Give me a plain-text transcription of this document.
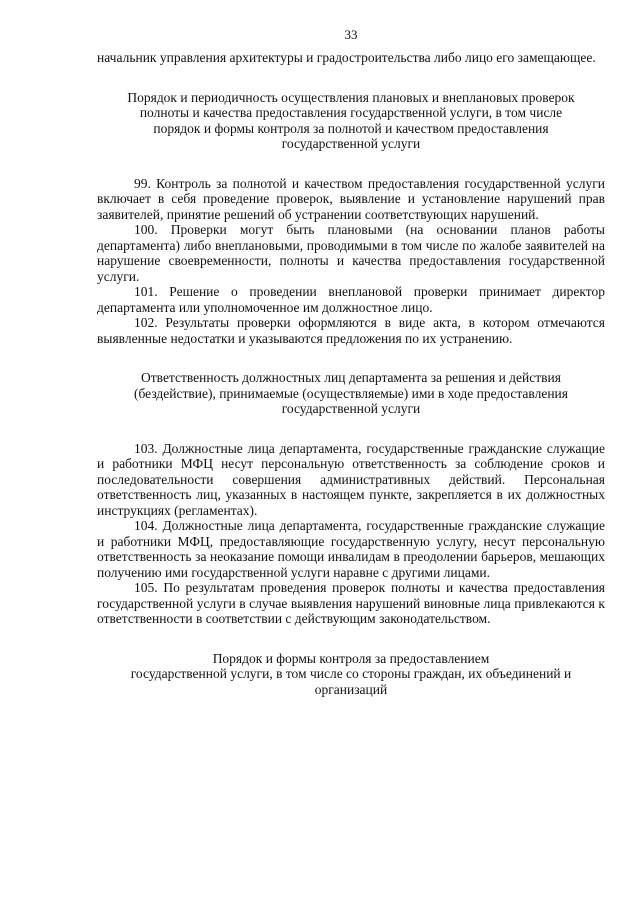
33

начальник управления архитектуры и градостроительства либо лицо его замещающее.

Порядок и периодичность осуществления плановых и внеплановых проверок
полноты и качества предоставления государственной услуги, в том числе
порядок и формы контроля за полнотой и качеством предоставления
государственной услуги

99. Контроль за полнотой и качеством предоставления государственной услуги включает в себя проведение проверок, выявление и установление нарушений прав заявителей, принятие решений об устранении соответствующих нарушений.

100. Проверки могут быть плановыми (на основании планов работы департамента) либо внеплановыми, проводимыми в том числе по жалобе заявителей на нарушение своевременности, полноты и качества предоставления государственной услуги.

101. Решение о проведении внеплановой проверки принимает директор департамента или уполномоченное им должностное лицо.

102. Результаты проверки оформляются в виде акта, в котором отмечаются выявленные недостатки и указываются предложения по их устранению.

Ответственность должностных лиц департамента за решения и действия
(бездействие), принимаемые (осуществляемые) ими в ходе предоставления
государственной услуги

103. Должностные лица департамента, государственные гражданские служащие и работники МФЦ несут персональную ответственность за соблюдение сроков и последовательности совершения административных действий. Персональная ответственность лиц, указанных в настоящем пункте, закрепляется в их должностных инструкциях (регламентах).

104. Должностные лица департамента, государственные гражданские служащие и работники МФЦ, предоставляющие государственную услугу, несут персональную ответственность за неоказание помощи инвалидам в преодолении барьеров, мешающих получению ими государственной услуги наравне с другими лицами.

105. По результатам проведения проверок полноты и качества предоставления государственной услуги в случае выявления нарушений виновные лица привлекаются к ответственности в соответствии с действующим законодательством.

Порядок и формы контроля за предоставлением
государственной услуги, в том числе со стороны граждан, их объединений и
организаций
